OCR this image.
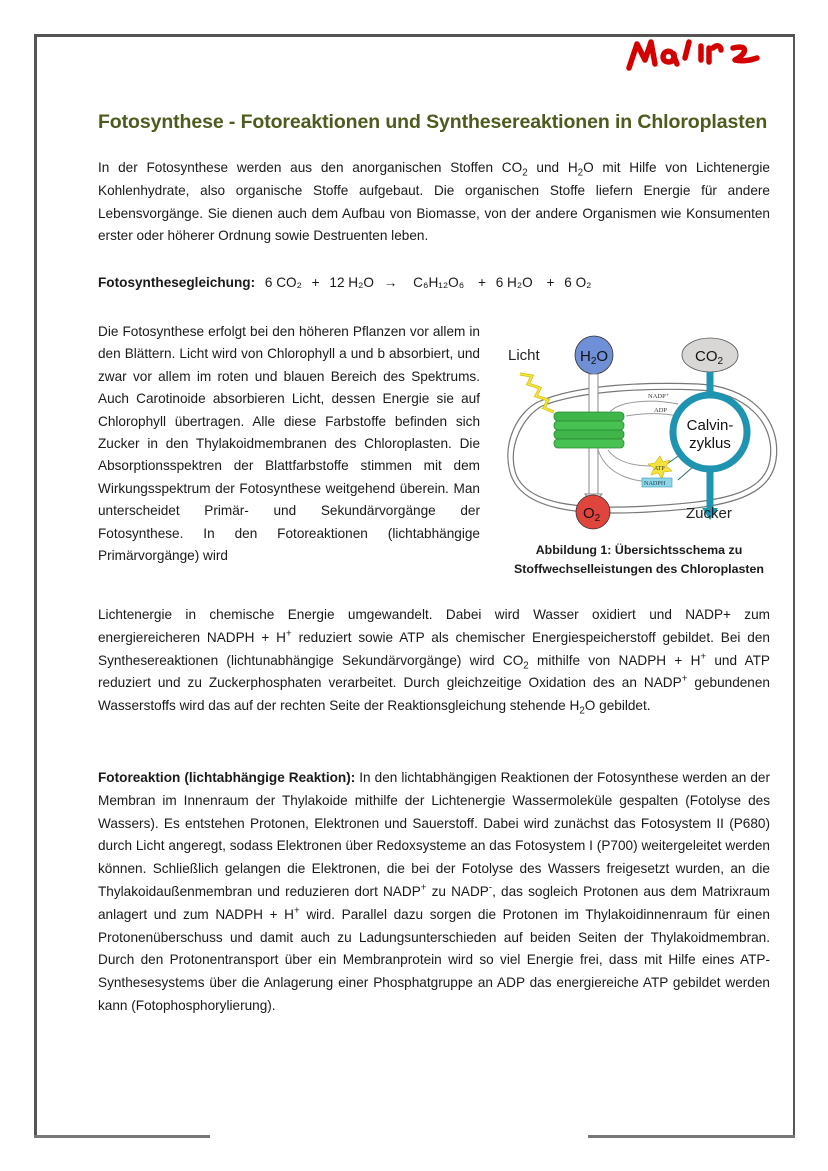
Fotosynthese - Fotoreaktionen und Synthesereaktionen in Chloroplasten
In der Fotosynthese werden aus den anorganischen Stoffen $CO_2$ und $H_2O$ mit Hilfe von Lichtenergie Kohlenhydrate, also organische Stoffe aufgebaut. Die organischen Stoffe liefern Energie für andere Lebensvorgänge. Sie dienen auch dem Aufbau von Biomasse, von der andere Organismen wie Konsumenten erster oder höherer Ordnung sowie Destruenten leben.
Fotosynthesegleichung: 6 CO₂ + 12 H₂O → C₆H₁₂O₆ + 6 H₂O + 6 O₂
Die Fotosynthese erfolgt bei den höheren Pflanzen vor allem in den Blättern. Licht wird von Chlorophyll a und b absorbiert, und zwar vor allem im roten und blauen Bereich des Spektrums. Auch Carotinoide absorbieren Licht, dessen Energie sie auf Chlorophyll übertragen. Alle diese Farbstoffe befinden sich Zucker in den Thylakoidmembranen des Chloroplasten. Die Absorptionsspektren der Blattfarbstoffe stimmen mit dem Wirkungsspektrum der Fotosynthese weitgehend überein. Man unterscheidet Primär- und Sekundärvorgänge der Fotosynthese. In den Fotoreaktionen (lichtabhängige Primärvorgänge) wird
Licht	$H_2O$
NADP⁺
ADP
ATP
NADPH
$CO_2$
Calvin-
zyklus
$O_2$	Zucker
Abbildung 1: Übersichtsschema zu
Stoffwechselleistungen des Chloroplasten
Lichtenergie in chemische Energie umgewandelt. Dabei wird Wasser oxidiert und NADP+ zum energiereicheren NADPH + H+ reduziert sowie ATP als chemischer Energiespeicherstoff gebildet. Bei den Synthesereaktionen (lichtunabhängige Sekundärvorgänge) wird $CO_2$ mithilfe von NADPH + H+ und ATP reduziert und zu Zuckerphosphaten verarbeitet. Durch gleichzeitige Oxidation des an NADP+ gebundenen Wasserstoffs wird das auf der rechten Seite der Reaktionsgleichung stehende $H_2O$ gebildet.
Fotoreaktion (lichtabhängige Reaktion): In den lichtabhängigen Reaktionen der Fotosynthese werden an der Membran im Innenraum der Thylakoide mithilfe der Lichtenergie Wassermoleküle gespalten (Fotolyse des Wassers). Es entstehen Protonen, Elektronen und Sauerstoff. Dabei wird zunächst das Fotosystem II (P680) durch Licht angeregt, sodass Elektronen über Redoxsysteme an das Fotosystem I (P700) weitergeleitet werden können. Schließlich gelangen die Elektronen, die bei der Fotolyse des Wassers freigesetzt wurden, an die Thylakoidaußenmembran und reduzieren dort NADP+ zu NADP-, das sogleich Protonen aus dem Matrixraum anlagert und zum NADPH + H+ wird. Parallel dazu sorgen die Protonen im Thylakoidinnenraum für einen Protonenüberschuss und damit auch zu Ladungsunterschieden auf beiden Seiten der Thylakoidmembran. Durch den Protonentransport über ein Membranprotein wird so viel Energie frei, dass mit Hilfe eines ATP-Synthesesystems über die Anlagerung einer Phosphatgruppe an ADP das energiereiche ATP gebildet werden kann (Fotophosphorylierung).
